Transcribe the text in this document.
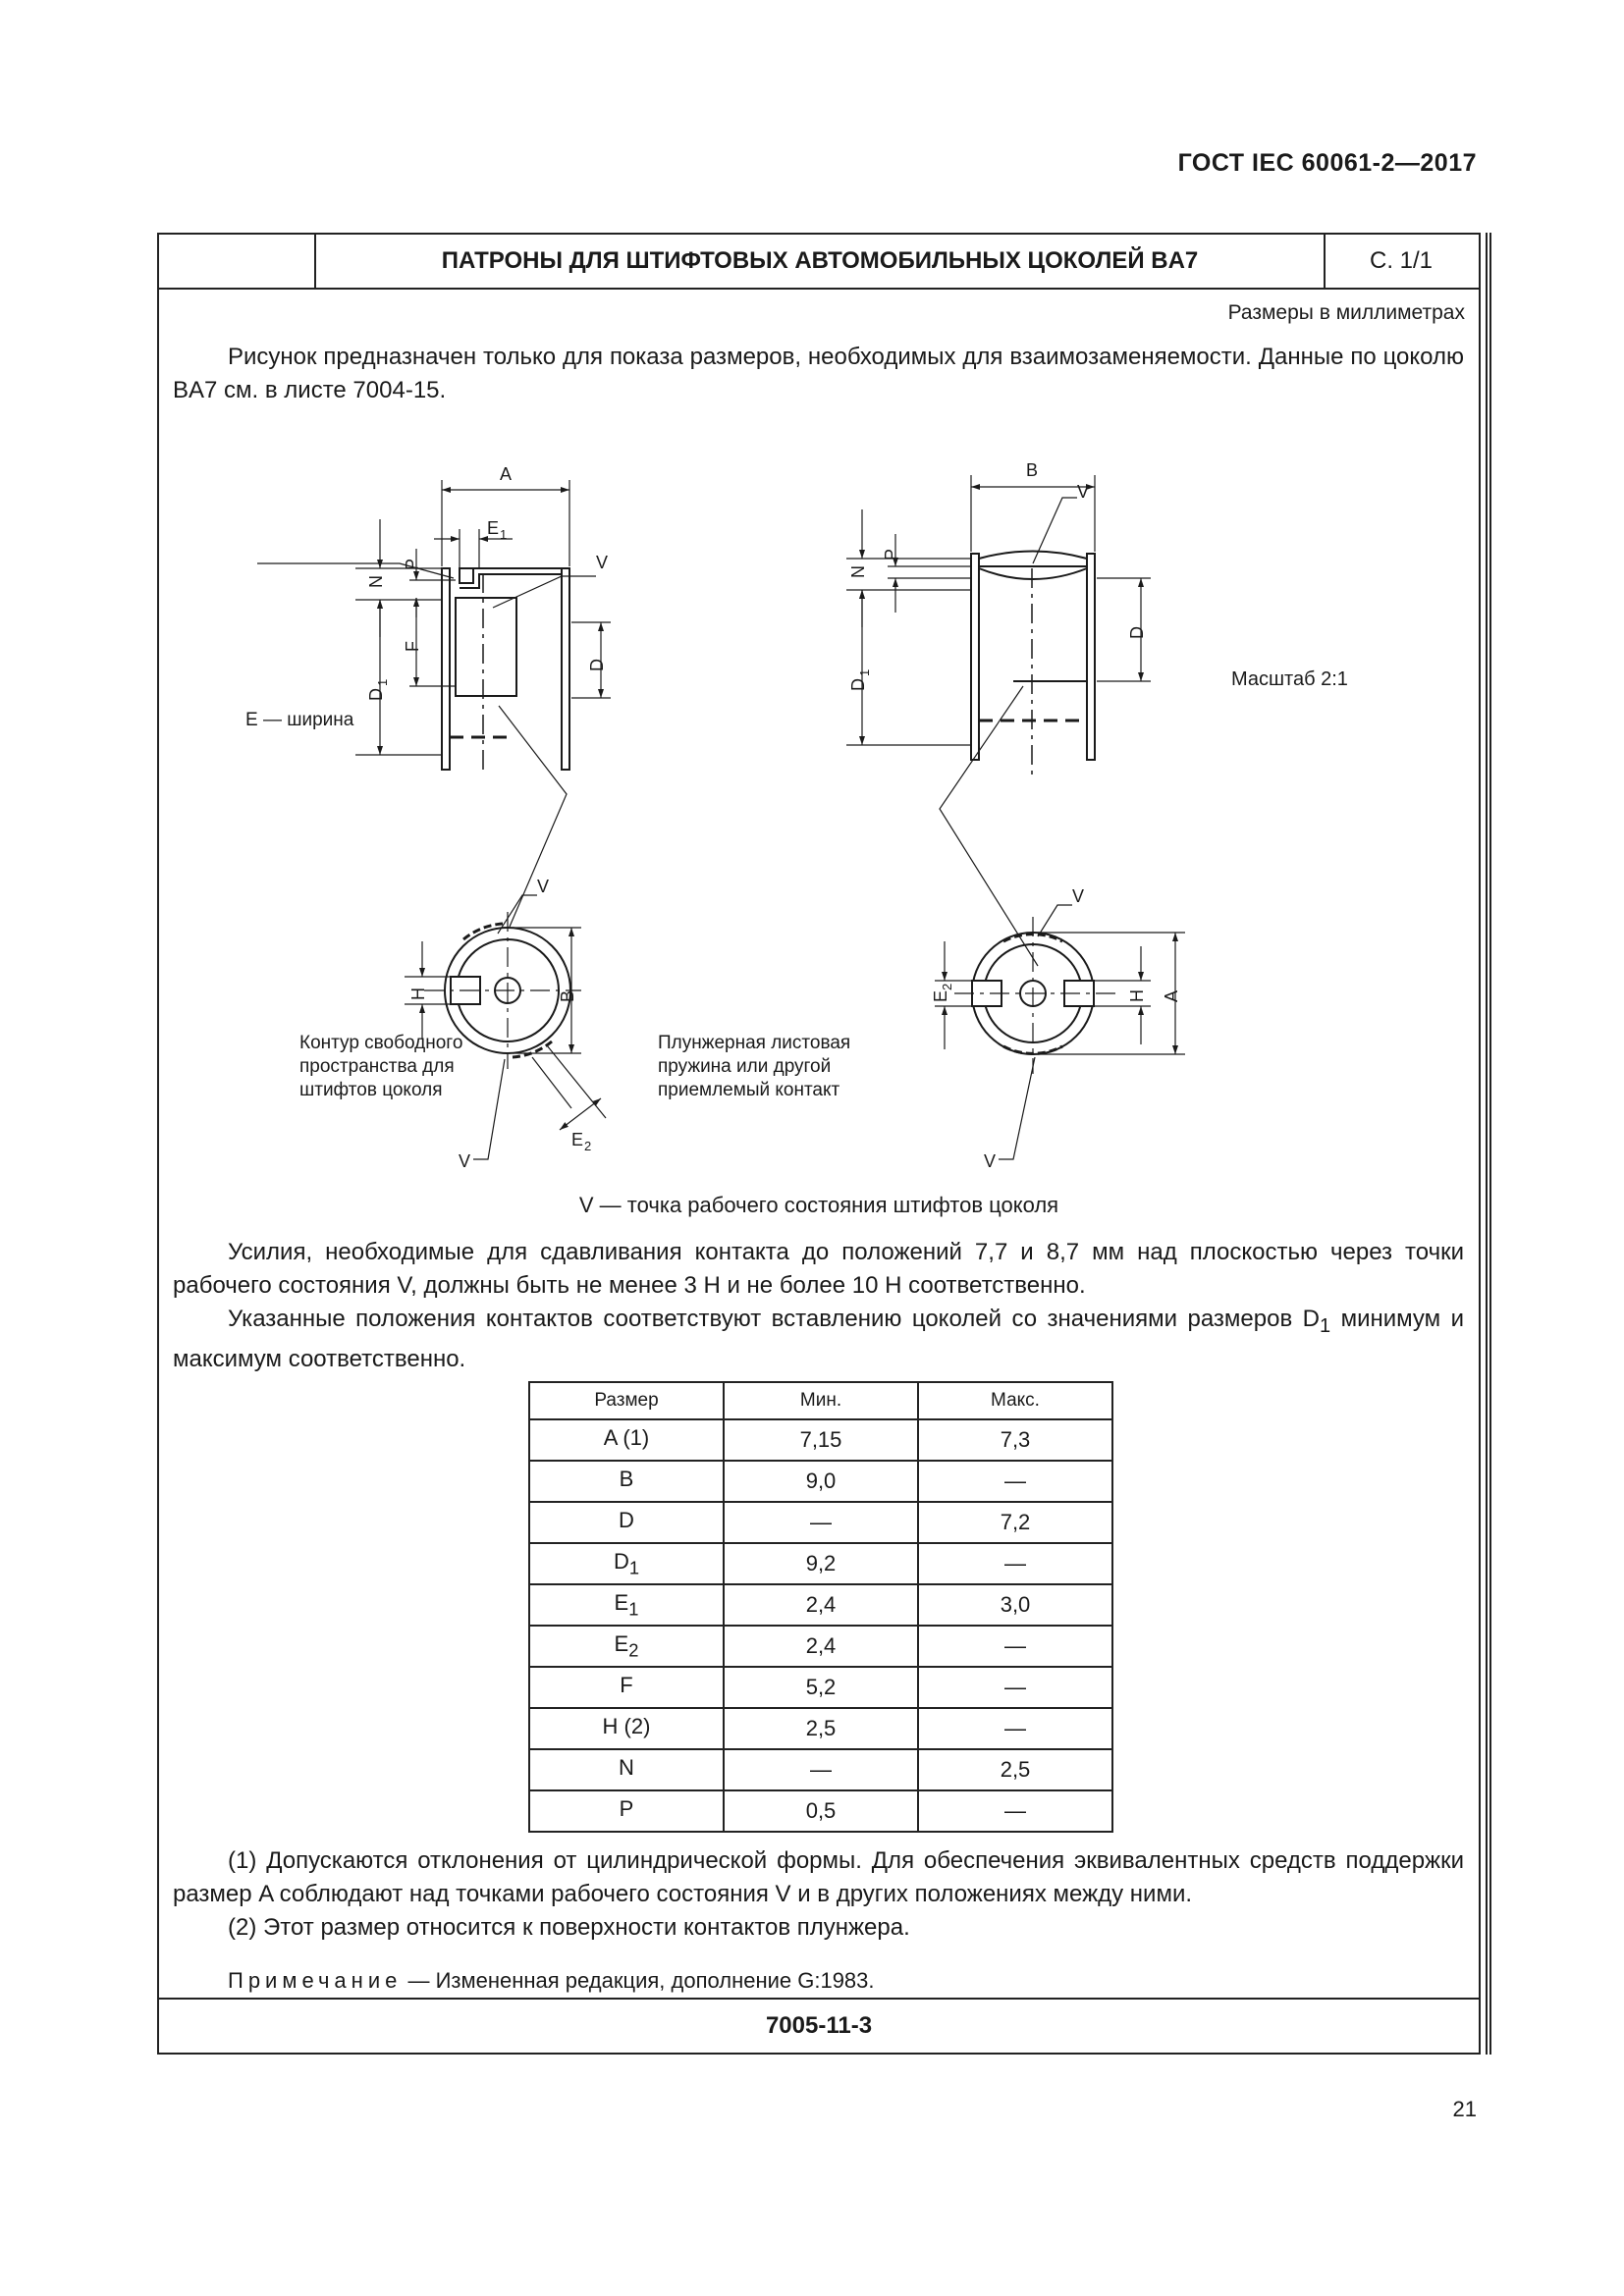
ГОСТ IEC 60061-2—2017
ПАТРОНЫ ДЛЯ ШТИФТОВЫХ АВТОМОБИЛЬНЫХ ЦОКОЛЕЙ BA7	С. 1/1
Размеры в миллиметрах
Рисунок предназначен только для показа размеров, необходимых для взаимозаменяемости. Данные по цоколю BA7 см. в листе 7004-15.
A
E 1
V
N
D
1
P
F
D
B
V
N
D
1
P
D
V
H	B
E 2
V
V
E
2
H A
V
E — ширина
Масштаб 2:1
Контур свободного
пространства для
штифтов цоколя
Плунжерная листовая
пружина или другой
приемлемый контакт
V — точка рабочего состояния штифтов цоколя
Усилия, необходимые для сдавливания контакта до положений 7,7 и 8,7 мм над плоскостью через точки рабочего состояния V, должны быть не менее 3 Н и не более 10 Н соответственно.
Указанные положения контактов соответствуют вставлению цоколей со значениями размеров $D_1$ минимум и максимум соответственно.
Размер	Мин.	Макс.
A (1)	7,15	7,3
B	9,0	—
D	—	7,2
$D_1$	9,2	—
$E_1$	2,4	3,0
$E_2$	2,4	—
F	5,2	—
H (2)	2,5	—
N	—	2,5
P	0,5	—
(1) Допускаются отклонения от цилиндрической формы. Для обеспечения эквивалентных средств поддержки размер A соблюдают над точками рабочего состояния V и в других положениях между ними.
(2) Этот размер относится к поверхности контактов плунжера.
Примечание — Измененная редакция, дополнение G:1983.
7005-11-3
21
